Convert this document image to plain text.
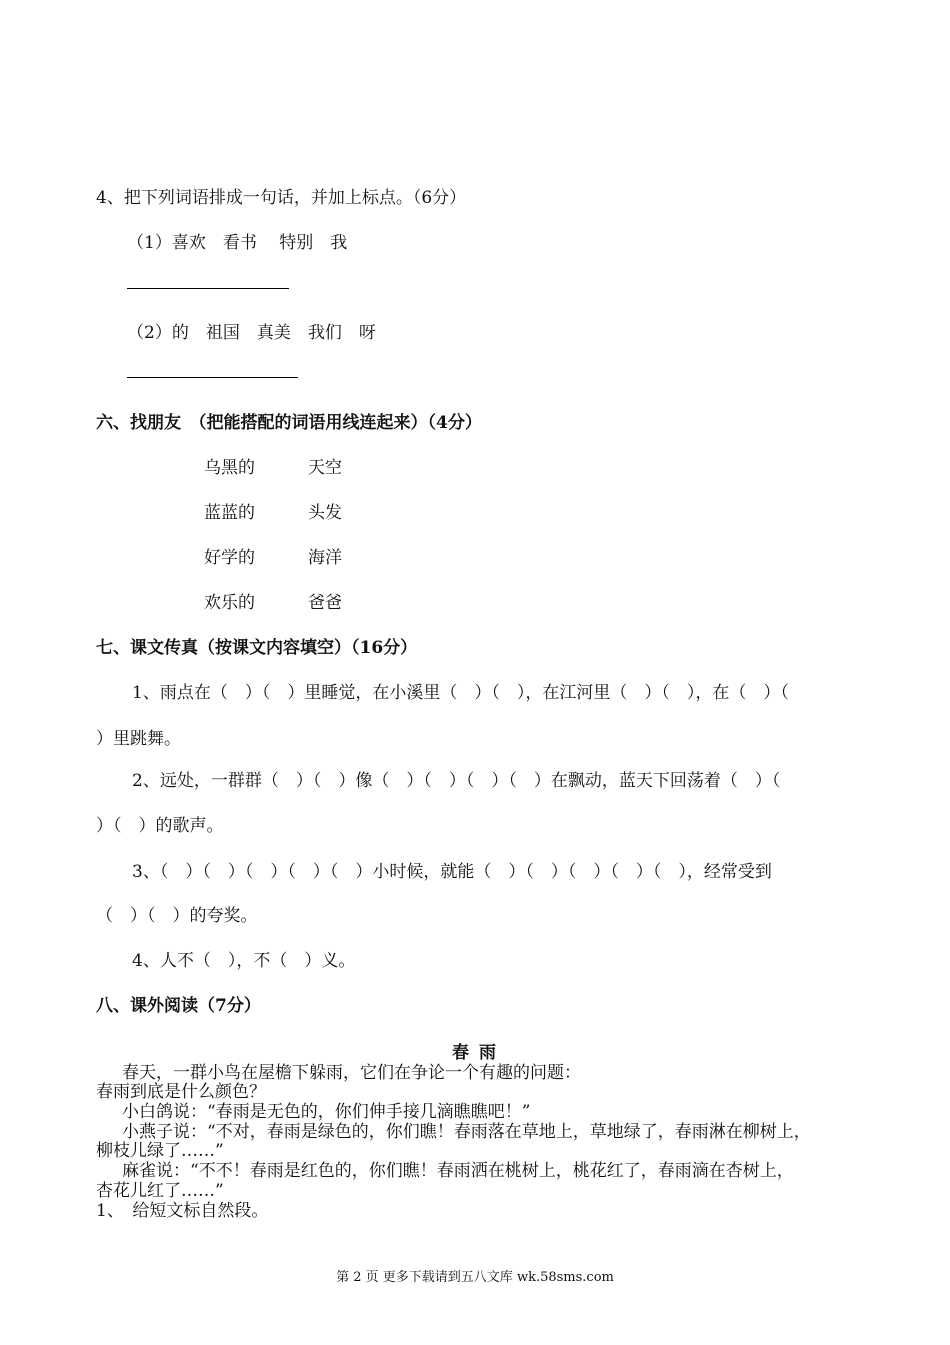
4、把下列词语排成一句话，并加上标点。（6分）
（1）喜欢　看书　 特别　我
（2）的　祖国　真美　我们　呀
六、找朋友　（把能搭配的词语用线连起来）（4分）
乌黑的	天空
蓝蓝的	头发
好学的	海洋
欢乐的	爸爸
七、课文传真（按课文内容填空）（16分）
1、雨点在（　）（　）里睡觉，在小溪里（　）（　），在江河里（　）（　），在（　）（
）里跳舞。
2、远处，一群群（　）（　）像（　）（　）（　）（　）在飘动，蓝天下回荡着（　）（
）（　）的歌声。
3、（　）（　）（　）（　）（　）小时候，就能（　）（　）（　）（　）（　），经常受到
（　）（　）的夸奖。
4、人不（　），不（　）义。
八、课外阅读（7分）
春 雨
春天，一群小鸟在屋檐下躲雨，它们在争论一个有趣的问题：
春雨到底是什么颜色？
小白鸽说：“春雨是无色的，你们伸手接几滴瞧瞧吧！”
小燕子说：“不对，春雨是绿色的，你们瞧！春雨落在草地上，草地绿了，春雨淋在柳树上，
柳枝儿绿了……”
麻雀说：“不不！春雨是红色的，你们瞧！春雨洒在桃树上，桃花红了，春雨滴在杏树上，
杏花儿红了……”
1、　给短文标自然段。
第 2 页 更多下载请到五八文库 wk.58sms.com
